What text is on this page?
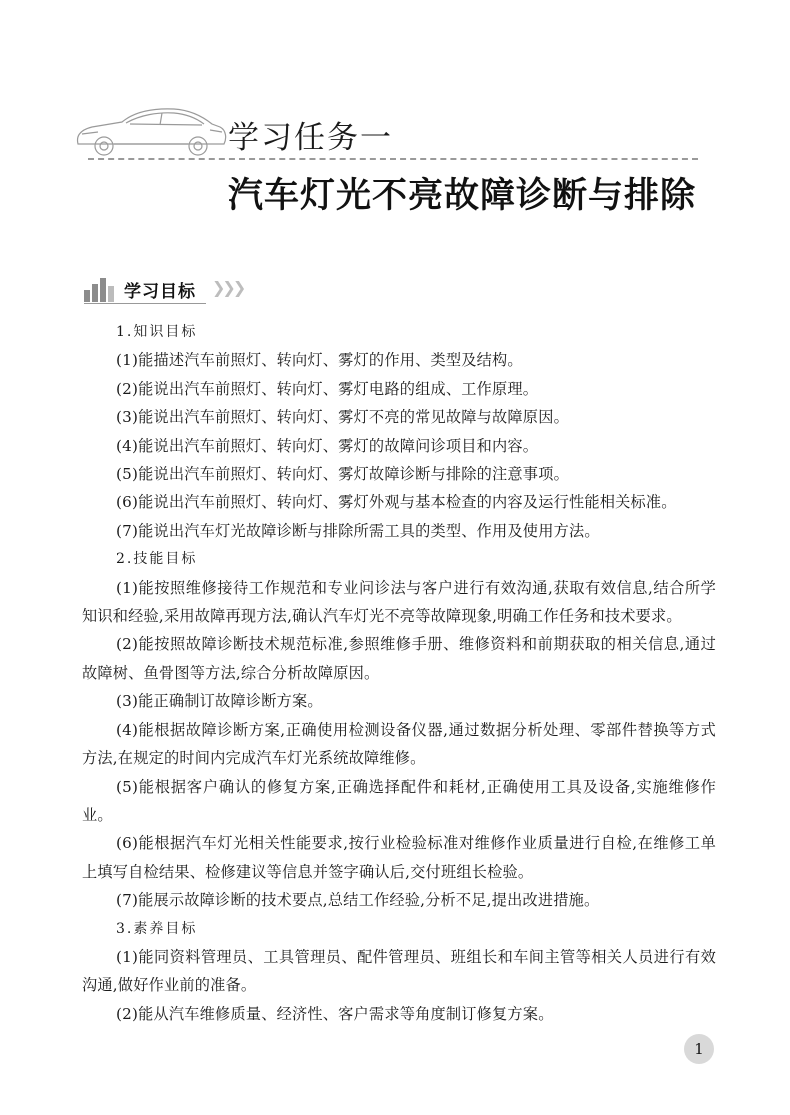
学习任务一
汽车灯光不亮故障诊断与排除
学习目标 ❯❯❯

1.知识目标

(1)能描述汽车前照灯、转向灯、雾灯的作用、类型及结构。

(2)能说出汽车前照灯、转向灯、雾灯电路的组成、工作原理。

(3)能说出汽车前照灯、转向灯、雾灯不亮的常见故障与故障原因。

(4)能说出汽车前照灯、转向灯、雾灯的故障问诊项目和内容。

(5)能说出汽车前照灯、转向灯、雾灯故障诊断与排除的注意事项。

(6)能说出汽车前照灯、转向灯、雾灯外观与基本检查的内容及运行性能相关标准。

(7)能说出汽车灯光故障诊断与排除所需工具的类型、作用及使用方法。

2.技能目标

(1)能按照维修接待工作规范和专业问诊法与客户进行有效沟通,获取有效信息,结合所学知识和经验,采用故障再现方法,确认汽车灯光不亮等故障现象,明确工作任务和技术要求。

(2)能按照故障诊断技术规范标准,参照维修手册、维修资料和前期获取的相关信息,通过故障树、鱼骨图等方法,综合分析故障原因。

(3)能正确制订故障诊断方案。

(4)能根据故障诊断方案,正确使用检测设备仪器,通过数据分析处理、零部件替换等方式方法,在规定的时间内完成汽车灯光系统故障维修。

(5)能根据客户确认的修复方案,正确选择配件和耗材,正确使用工具及设备,实施维修作业。

(6)能根据汽车灯光相关性能要求,按行业检验标准对维修作业质量进行自检,在维修工单上填写自检结果、检修建议等信息并签字确认后,交付班组长检验。

(7)能展示故障诊断的技术要点,总结工作经验,分析不足,提出改进措施。

3.素养目标

(1)能同资料管理员、工具管理员、配件管理员、班组长和车间主管等相关人员进行有效沟通,做好作业前的准备。

(2)能从汽车维修质量、经济性、客户需求等角度制订修复方案。

1
